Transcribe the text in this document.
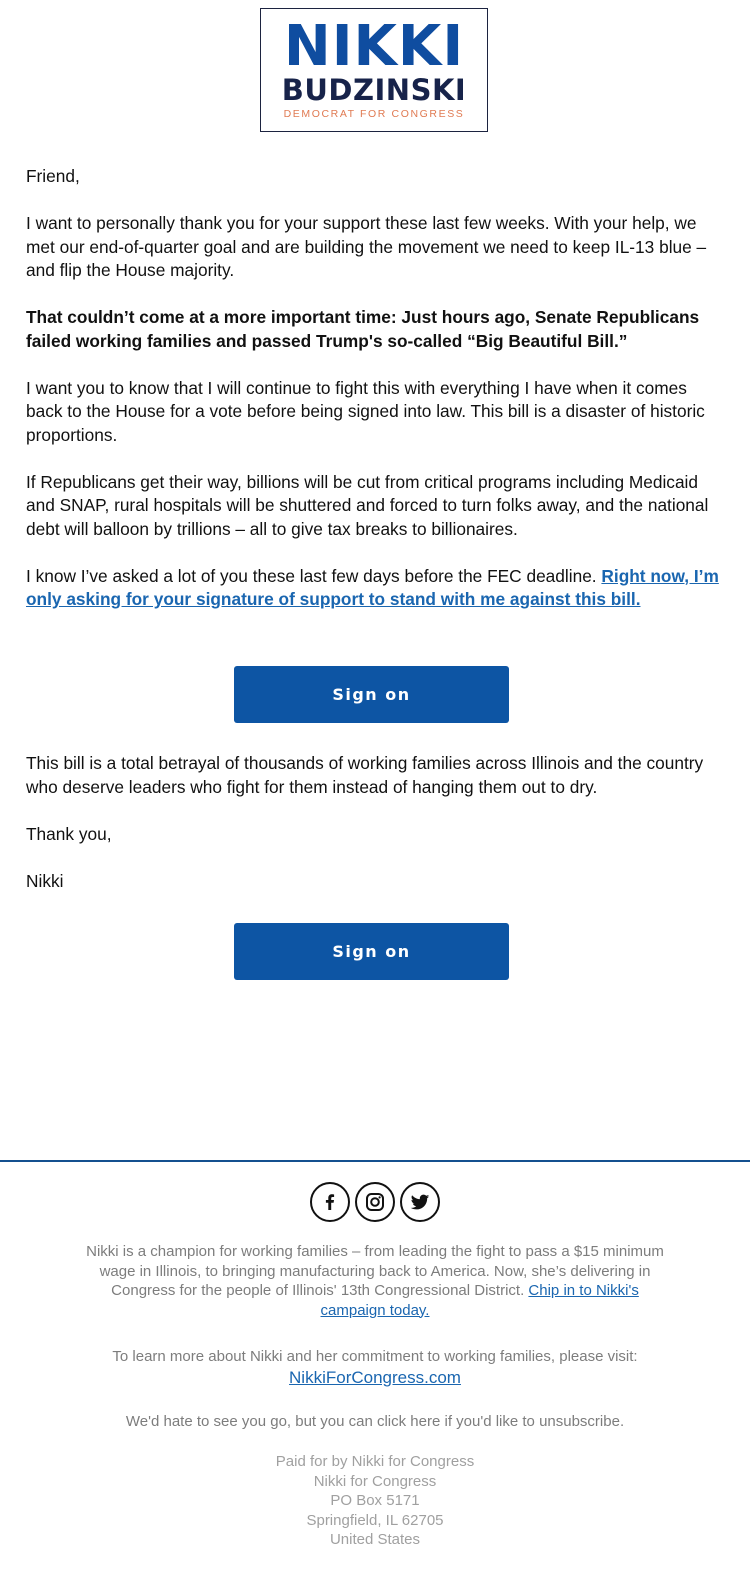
NIKKI
BUDZINSKI
DEMOCRAT FOR CONGRESS

Friend,

I want to personally thank you for your support these last few weeks. With your help, we met our end-of-quarter goal and are building the movement we need to keep IL-13 blue – and flip the House majority.

That couldn’t come at a more important time: Just hours ago, Senate Republicans failed working families and passed Trump's so-called “Big Beautiful Bill.”

I want you to know that I will continue to fight this with everything I have when it comes back to the House for a vote before being signed into law. This bill is a disaster of historic proportions.

If Republicans get their way, billions will be cut from critical programs including Medicaid and SNAP, rural hospitals will be shuttered and forced to turn folks away, and the national debt will balloon by trillions – all to give tax breaks to billionaires.

I know I’ve asked a lot of you these last few days before the FEC deadline. Right now, I’m only asking for your signature of support to stand with me against this bill.

Sign on

This bill is a total betrayal of thousands of working families across Illinois and the country who deserve leaders who fight for them instead of hanging them out to dry.

Thank you,

Nikki

Sign on
Nikki is a champion for working families – from leading the fight to pass a $15 minimum wage in Illinois, to bringing manufacturing back to America. Now, she’s delivering in Congress for the people of Illinois' 13th Congressional District. Chip in to Nikki's campaign today.
To learn more about Nikki and her commitment to working families, please visit:
NikkiForCongress.com
We'd hate to see you go, but you can click here if you'd like to unsubscribe.
Paid for by Nikki for Congress
Nikki for Congress
PO Box 5171
Springfield, IL 62705
United States
